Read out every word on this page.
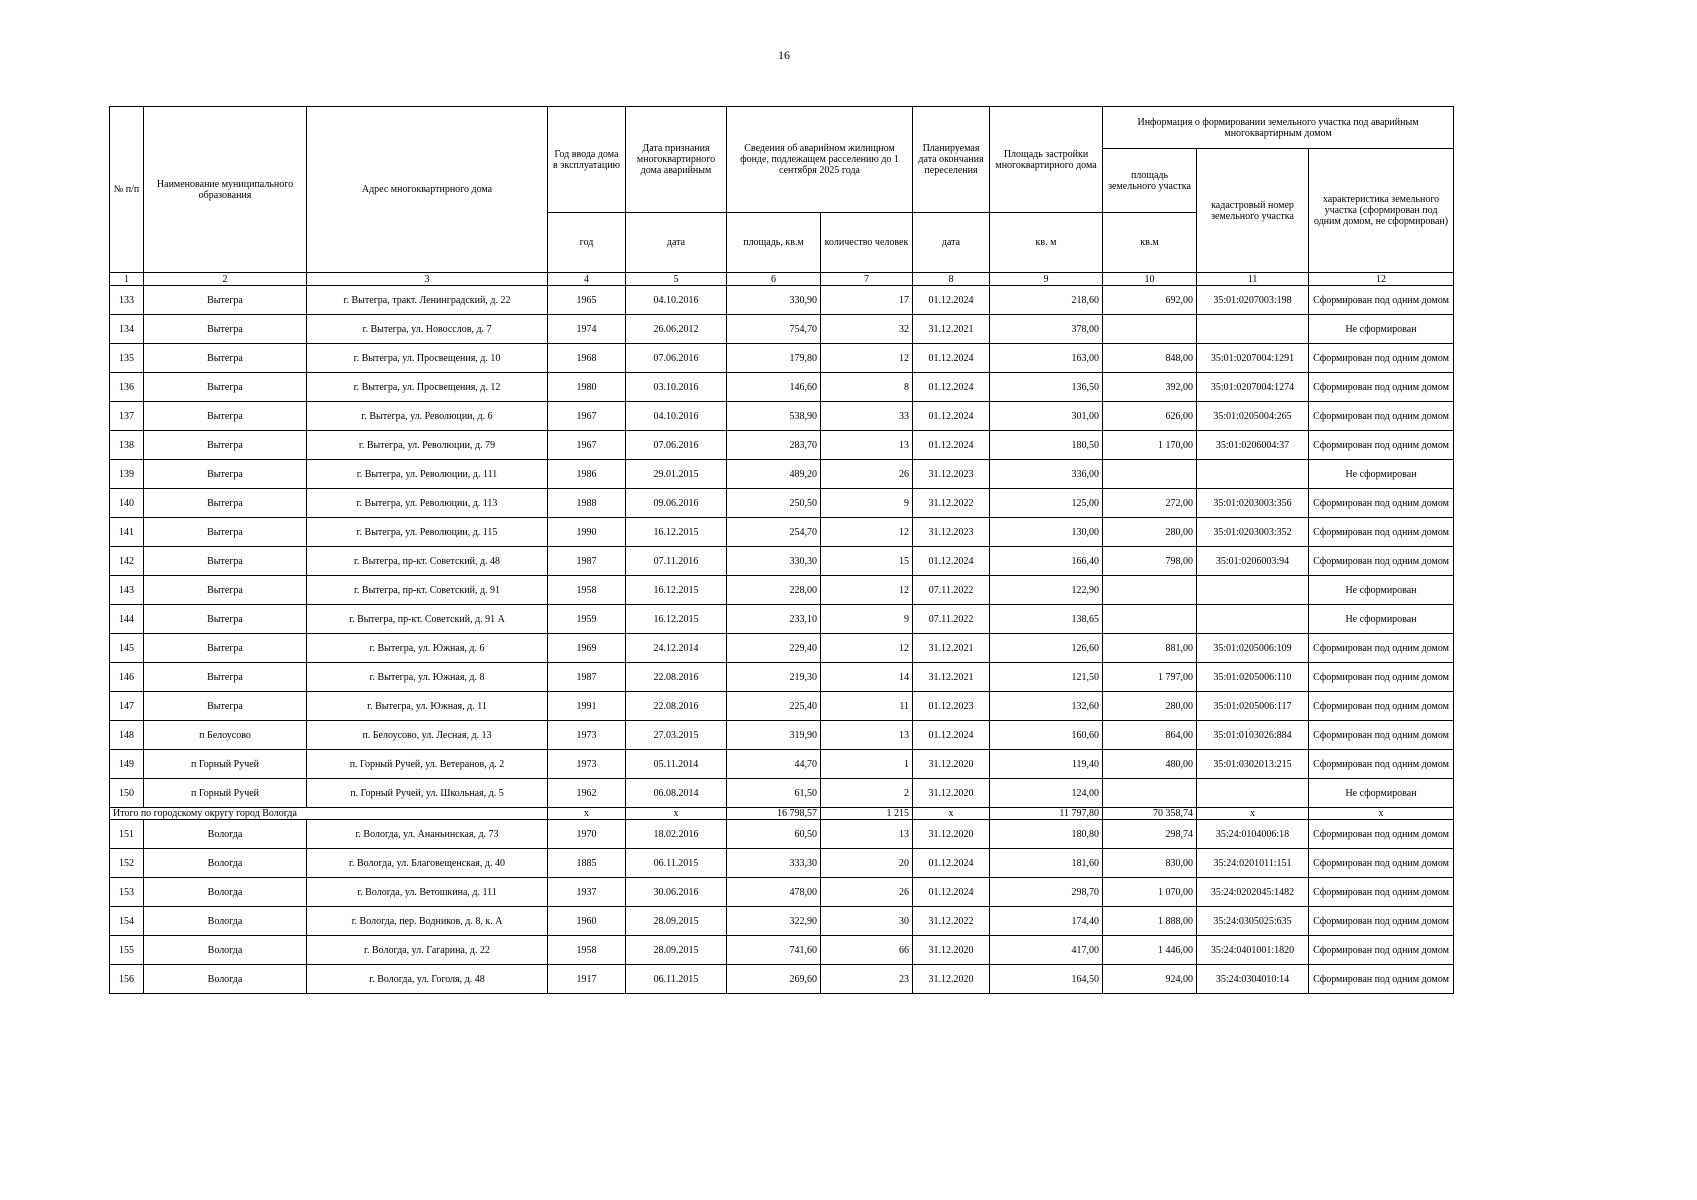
16
№ п/п	Наименование муниципального образования	Адрес многоквартирного дома	Год ввода дома в эксплуатацию	Дата признания многоквартирного дома аварийным	Сведения об аварийном жилищном фонде, подлежащем расселению до 1 сентября 2025 года		Планируемая дата окончания переселения	Площадь застройки многоквартирного дома	Информация о формировании земельного участка под аварийным многоквартирным домом		
									площадь земельного участка	кадастровый номер земельного участка	характеристика земельного участка (сформирован под одним домом, не сформирован)
			год	дата	площадь, кв.м	количество человек	дата	кв. м	кв.м		
1	2	3	4	5	6	7	8	9	10	11	12
133	Вытегра	г. Вытегра, тракт. Ленинградский, д. 22	1965	04.10.2016	330,90	17	01.12.2024	218,60	692,00	35:01:0207003:198	Сформирован под одним домом
134	Вытегра	г. Вытегра, ул. Новосслов, д. 7	1974	26.06.2012	754,70	32	31.12.2021	378,00			Не сформирован
135	Вытегра	г. Вытегра, ул. Просвещения, д. 10	1968	07.06.2016	179,80	12	01.12.2024	163,00	848,00	35:01:0207004:1291	Сформирован под одним домом
136	Вытегра	г. Вытегра, ул. Просвещения, д. 12	1980	03.10.2016	146,60	8	01.12.2024	136,50	392,00	35:01:0207004:1274	Сформирован под одним домом
137	Вытегра	г. Вытегра, ул. Революции, д. 6	1967	04.10.2016	538,90	33	01.12.2024	301,00	626,00	35:01:0205004:265	Сформирован под одним домом
138	Вытегра	г. Вытегра, ул. Революции, д. 79	1967	07.06.2016	283,70	13	01.12.2024	180,50	1 170,00	35:01:0206004:37	Сформирован под одним домом
139	Вытегра	г. Вытегра, ул. Революции, д. 111	1986	29.01.2015	489,20	26	31.12.2023	336,00			Не сформирован
140	Вытегра	г. Вытегра, ул. Революции, д. 113	1988	09.06.2016	250,50	9	31.12.2022	125,00	272,00	35:01:0203003:356	Сформирован под одним домом
141	Вытегра	г. Вытегра, ул. Революции, д. 115	1990	16.12.2015	254,70	12	31.12.2023	130,00	280,00	35:01:0203003:352	Сформирован под одним домом
142	Вытегра	г. Вытегра, пр-кт. Советский, д. 48	1987	07.11.2016	330,30	15	01.12.2024	166,40	798,00	35:01:0206003:94	Сформирован под одним домом
143	Вытегра	г. Вытегра, пр-кт. Советский, д. 91	1958	16.12.2015	228,00	12	07.11.2022	122,90			Не сформирован
144	Вытегра	г. Вытегра, пр-кт. Советский, д. 91 А	1959	16.12.2015	233,10	9	07.11.2022	138,65			Не сформирован
145	Вытегра	г. Вытегра, ул. Южная, д. 6	1969	24.12.2014	229,40	12	31.12.2021	126,60	881,00	35:01:0205006:109	Сформирован под одним домом
146	Вытегра	г. Вытегра, ул. Южная, д. 8	1987	22.08.2016	219,30	14	31.12.2021	121,50	1 797,00	35:01:0205006:110	Сформирован под одним домом
147	Вытегра	г. Вытегра, ул. Южная, д. 11	1991	22.08.2016	225,40	11	01.12.2023	132,60	280,00	35:01:0205006:117	Сформирован под одним домом
148	п Белоусово	п. Белоусово, ул. Лесная, д. 13	1973	27.03.2015	319,90	13	01.12.2024	160,60	864,00	35:01:0103026:884	Сформирован под одним домом
149	п Горный Ручей	п. Горный Ручей, ул. Ветеранов, д. 2	1973	05.11.2014	44,70	1	31.12.2020	119,40	480,00	35:01:0302013:215	Сформирован под одним домом
150	п Горный Ручей	п. Горный Ручей, ул. Школьная, д. 5	1962	06.08.2014	61,50	2	31.12.2020	124,00			Не сформирован
Итого по городскому округу город Вологда			x	x	16 798,57	1 215	x	11 797,80	70 358,74	x	x
151	Вологда	г. Вологда, ул. Ананьинская, д. 73	1970	18.02.2016	60,50	13	31.12.2020	180,80	298,74	35:24:0104006:18	Сформирован под одним домом
152	Вологда	г. Вологда, ул. Благовещенская, д. 40	1885	06.11.2015	333,30	20	01.12.2024	181,60	830,00	35:24:0201011:151	Сформирован под одним домом
153	Вологда	г. Вологда, ул. Ветошкина, д. 111	1937	30.06.2016	478,00	26	01.12.2024	298,70	1 070,00	35:24:0202045:1482	Сформирован под одним домом
154	Вологда	г. Вологда, пер. Водников, д. 8, к. А	1960	28.09.2015	322,90	30	31.12.2022	174,40	1 888,00	35:24:0305025:635	Сформирован под одним домом
155	Вологда	г. Вологда, ул. Гагарина, д. 22	1958	28.09.2015	741,60	66	31.12.2020	417,00	1 446,00	35:24:0401001:1820	Сформирован под одним домом
156	Вологда	г. Вологда, ул. Гоголя, д. 48	1917	06.11.2015	269,60	23	31.12.2020	164,50	924,00	35:24:0304010:14	Сформирован под одним домом
